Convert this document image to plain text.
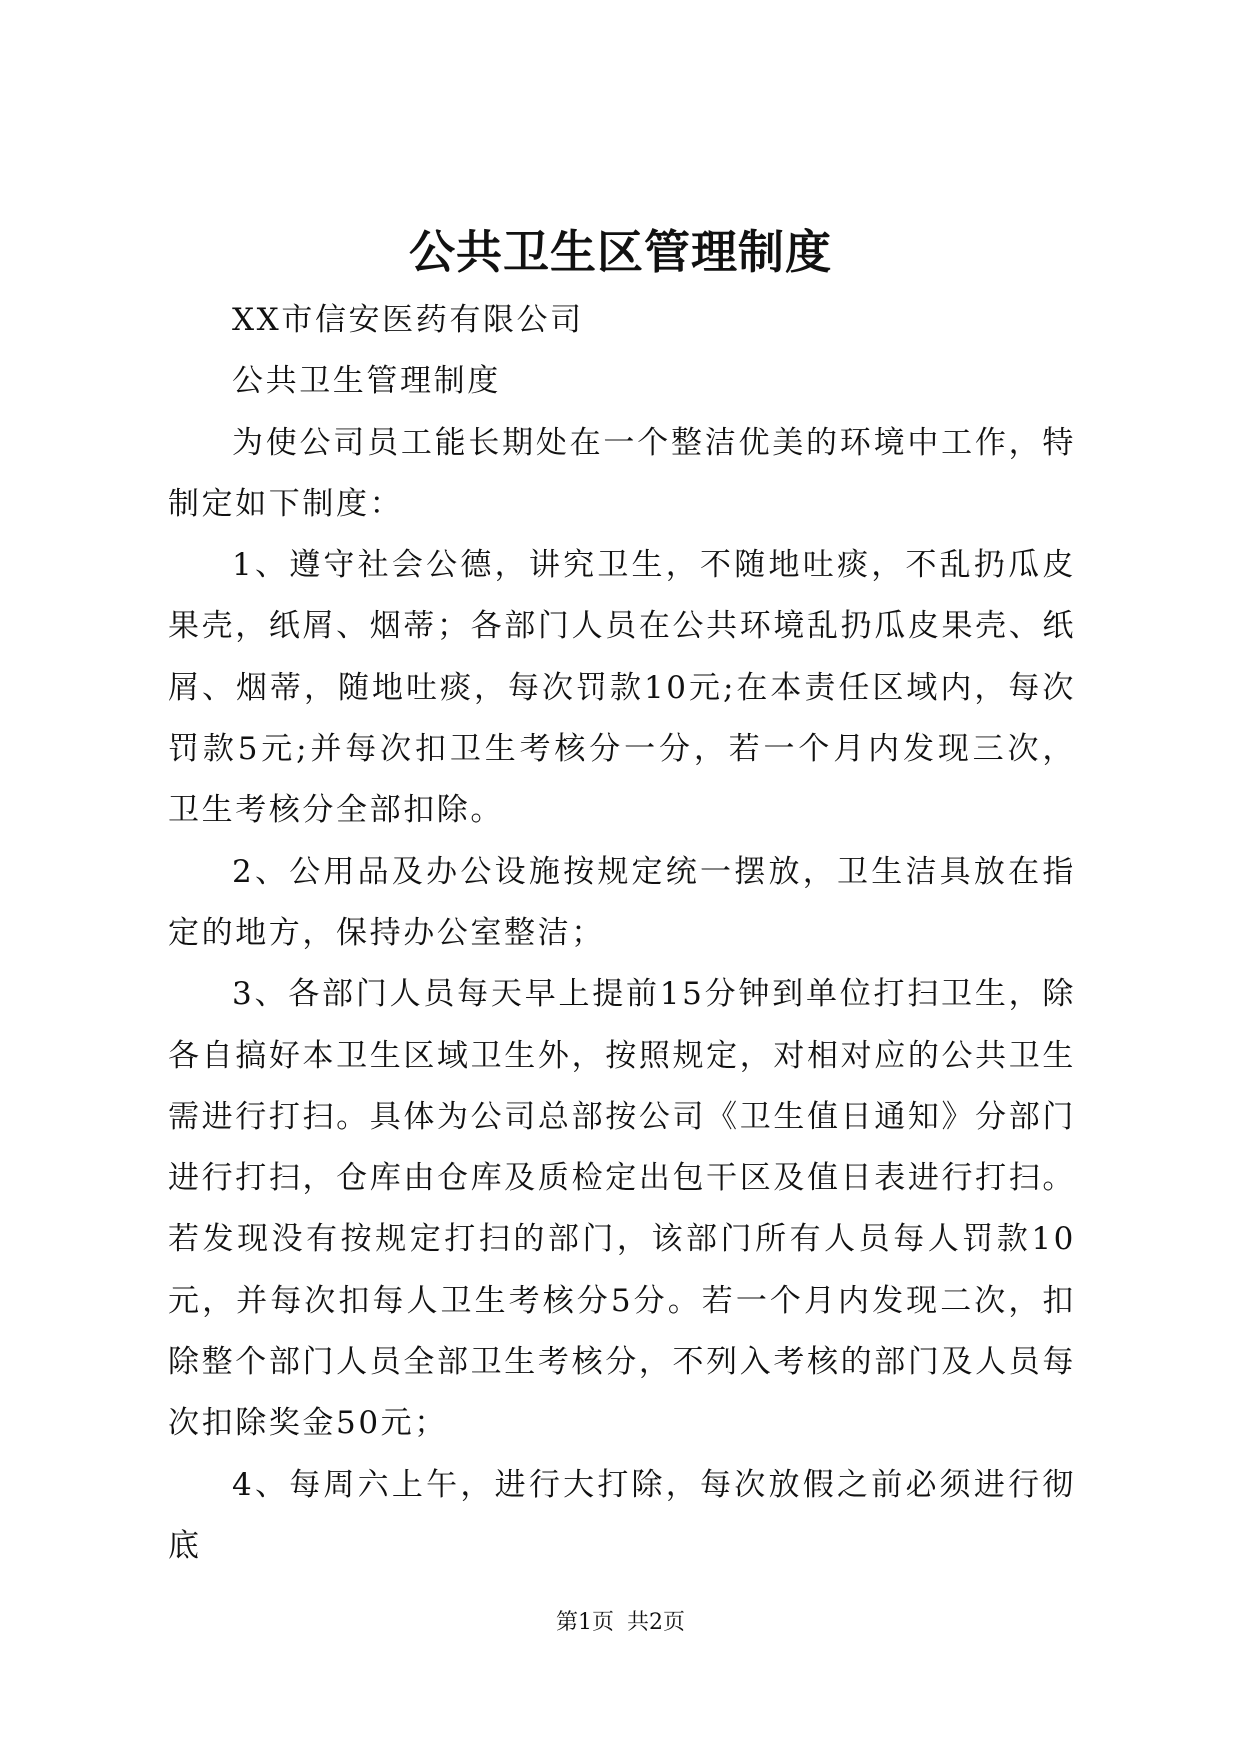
公共卫生区管理制度

XX市信安医药有限公司

公共卫生管理制度

为使公司员工能长期处在一个整洁优美的环境中工作，特制定如下制度：

1、遵守社会公德，讲究卫生，不随地吐痰，不乱扔瓜皮果壳，纸屑、烟蒂；各部门人员在公共环境乱扔瓜皮果壳、纸屑、烟蒂，随地吐痰，每次罚款10元;在本责任区域内，每次罚款5元;并每次扣卫生考核分一分，若一个月内发现三次，卫生考核分全部扣除。

2、公用品及办公设施按规定统一摆放，卫生洁具放在指定的地方，保持办公室整洁；

3、各部门人员每天早上提前15分钟到单位打扫卫生，除各自搞好本卫生区域卫生外，按照规定，对相对应的公共卫生需进行打扫。具体为公司总部按公司《卫生值日通知》分部门进行打扫，仓库由仓库及质检定出包干区及值日表进行打扫。若发现没有按规定打扫的部门，该部门所有人员每人罚款10元，并每次扣每人卫生考核分5分。若一个月内发现二次，扣除整个部门人员全部卫生考核分，不列入考核的部门及人员每次扣除奖金50元；

4、每周六上午，进行大打除，每次放假之前必须进行彻底

第1页 共2页
